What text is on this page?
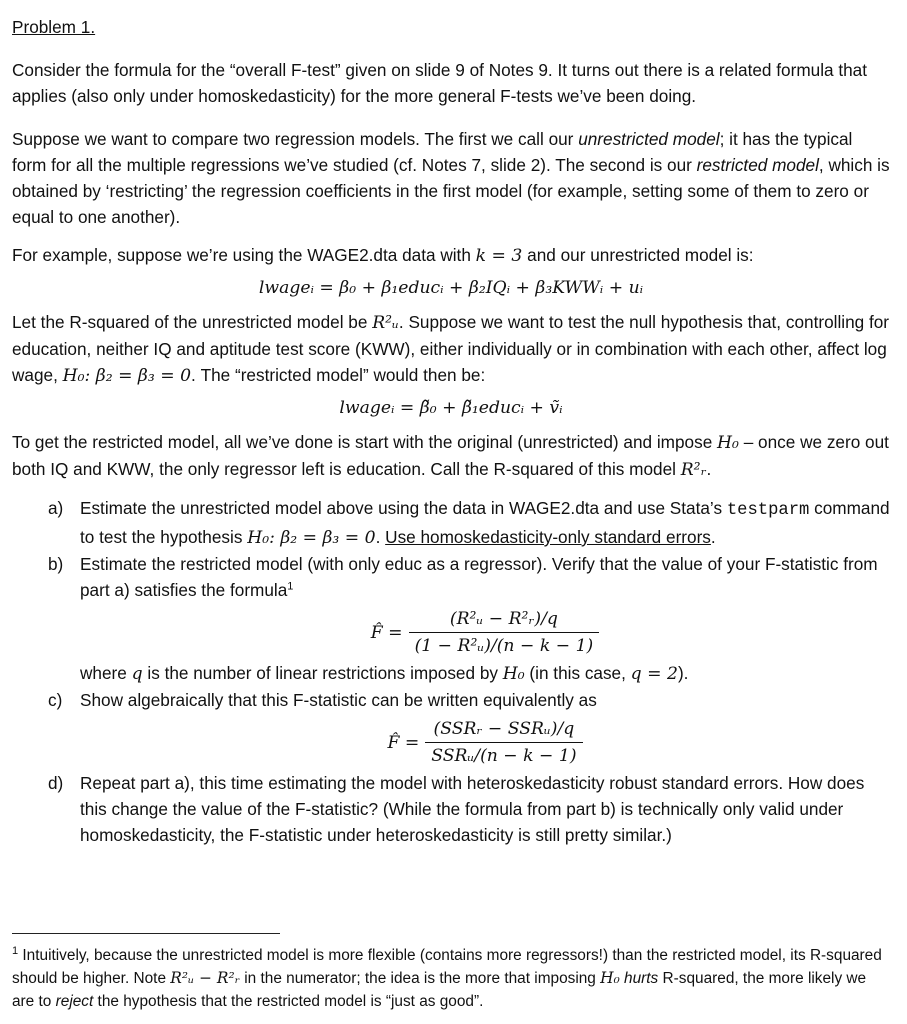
Problem 1.

Consider the formula for the “overall F-test” given on slide 9 of Notes 9. It turns out there is a related formula that applies (also only under homoskedasticity) for the more general F-tests we’ve been doing.

Suppose we want to compare two regression models. The first we call our unrestricted model; it has the typical form for all the multiple regressions we’ve studied (cf. Notes 7, slide 2). The second is our restricted model, which is obtained by ‘restricting’ the regression coefficients in the first model (for example, setting some of them to zero or equal to one another).

For example, suppose we’re using the WAGE2.dta data with k = 3 and our unrestricted model is:

lwageᵢ = β₀ + β₁educᵢ + β₂IQᵢ + β₃KWWᵢ + uᵢ

Let the R-squared of the unrestricted model be R²ᵤ. Suppose we want to test the null hypothesis that, controlling for education, neither IQ and aptitude test score (KWW), either individually or in combination with each other, affect log wage, H₀: β₂ = β₃ = 0. The “restricted model” would then be:

lwageᵢ = β̃₀ + β̃₁educᵢ + ṽᵢ

To get the restricted model, all we’ve done is start with the original (unrestricted) and impose H₀ – once we zero out both IQ and KWW, the only regressor left is education. Call the R-squared of this model R²ᵣ.

a) Estimate the unrestricted model above using the data in WAGE2.dta and use Stata’s testparm command to test the hypothesis H₀: β₂ = β₃ = 0. Use homoskedasticity-only standard errors.
b) Estimate the restricted model (with only educ as a regressor). Verify that the value of your F-statistic from part a) satisfies the formula$^1$
F̂ = $\frac{\text{(R²ᵤ − R²ᵣ)/q}}{\text{(1 − R²ᵤ)/(n − k − 1)}}$
where q is the number of linear restrictions imposed by H₀ (in this case, q = 2).
c) Show algebraically that this F-statistic can be written equivalently as
F̂ = $\frac{\text{(SSRᵣ − SSRᵤ)/q}}{\text{SSRᵤ/(n − k − 1)}}$
d) Repeat part a), this time estimating the model with heteroskedasticity robust standard errors. How does this change the value of the F-statistic? (While the formula from part b) is technically only valid under homoskedasticity, the F-statistic under heteroskedasticity is still pretty similar.)
$^1$ Intuitively, because the unrestricted model is more flexible (contains more regressors!) than the restricted model, its R-squared should be higher. Note R²ᵤ − R²ᵣ in the numerator; the idea is the more that imposing H₀ hurts R-squared, the more likely we are to reject the hypothesis that the restricted model is “just as good”.
